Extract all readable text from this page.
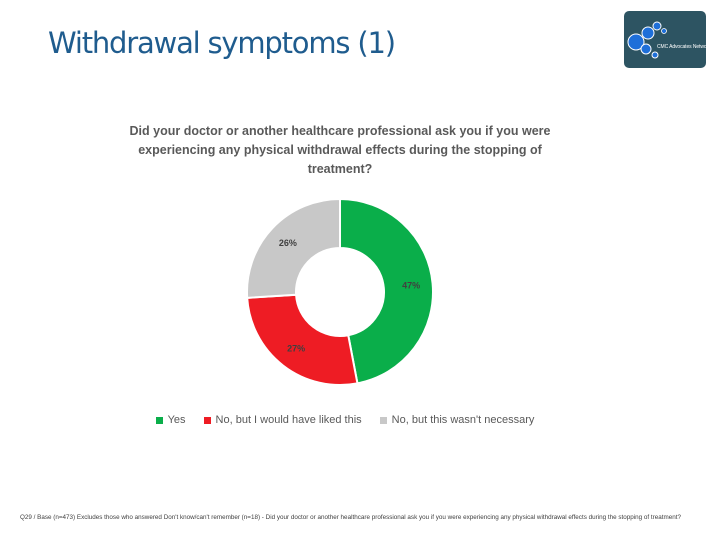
Withdrawal symptoms (1)	CMC Advocates Network
Did your doctor or another healthcare professional ask you if you were experiencing any physical withdrawal effects during the stopping of treatment?
47%
27%
26%
Yes	No, but I would have liked this	No, but this wasn't necessary
Q29 / Base (n=473) Excludes those who answered Don't know/can't remember (n=18) - Did your doctor or another healthcare professional ask you if you were experiencing any physical withdrawal effects during the stopping of treatment?
